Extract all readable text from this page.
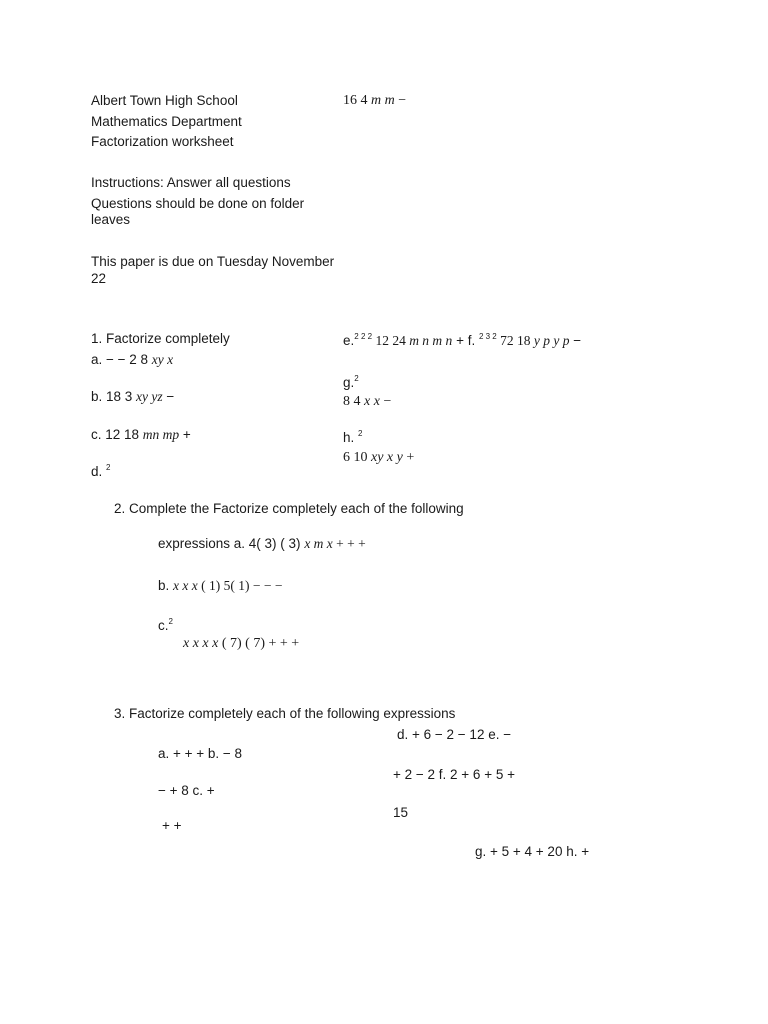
Albert Town High School
Mathematics Department
Factorization worksheet
16 4 m m −
Instructions: Answer all questions
Questions should be done on folder
leaves
This paper is due on Tuesday November
22
1. Factorize completely
a. − − 2 8 xy x
b. 18 3 xy yz −
c. 12 18 mn mp +
d. $^2$
e.$^{2 2 2}$ 12 24 m n m n + f. $^{2 3 2}$ 72 18 y p y p −
g.$^2$
8 4 x x −
h. $^2$
6 10 xy x y +
2. Complete the Factorize completely each of the following
expressions a. 4( 3) ( 3) x m x + + +
b. x x x ( 1) 5( 1) − − −
c.$^2$
x x x x ( 7) ( 7) + + +
3. Factorize completely each of the following expressions
d. + 6 − 2 − 12 e. −
a. + + + b. − 8
+ 2 − 2 f. 2 + 6 + 5 +
− + 8 c. +
15
+ +
g. + 5 + 4 + 20 h. +
